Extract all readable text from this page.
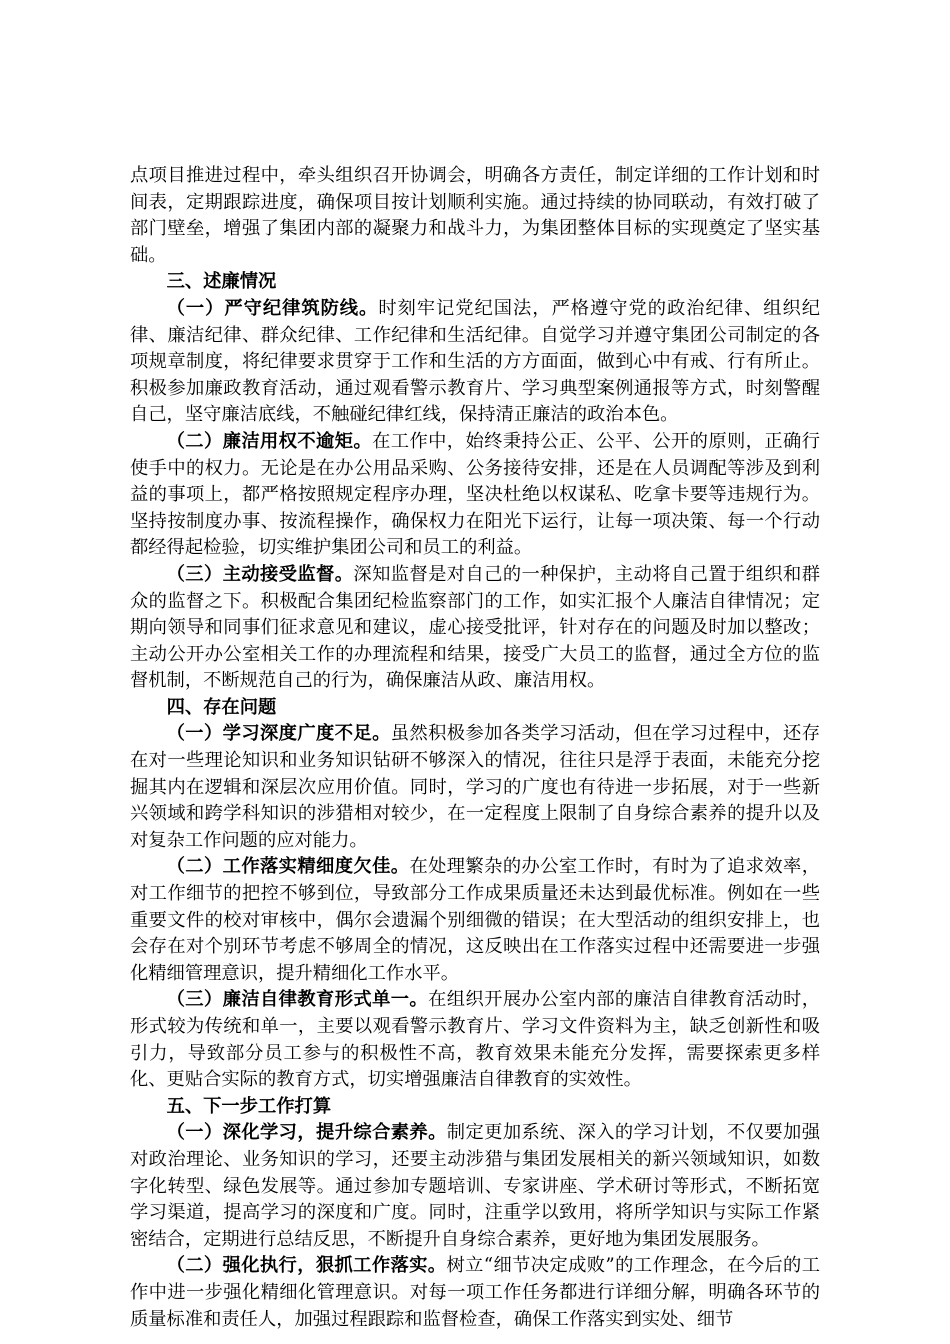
点项目推进过程中，牵头组织召开协调会，明确各方责任，制定详细的工作计划和时间表，定期跟踪进度，确保项目按计划顺利实施。通过持续的协同联动，有效打破了部门壁垒，增强了集团内部的凝聚力和战斗力，为集团整体目标的实现奠定了坚实基础。

三、述廉情况

（一）严守纪律筑防线。时刻牢记党纪国法，严格遵守党的政治纪律、组织纪律、廉洁纪律、群众纪律、工作纪律和生活纪律。自觉学习并遵守集团公司制定的各项规章制度，将纪律要求贯穿于工作和生活的方方面面，做到心中有戒、行有所止。积极参加廉政教育活动，通过观看警示教育片、学习典型案例通报等方式，时刻警醒自己，坚守廉洁底线，不触碰纪律红线，保持清正廉洁的政治本色。

（二）廉洁用权不逾矩。在工作中，始终秉持公正、公平、公开的原则，正确行使手中的权力。无论是在办公用品采购、公务接待安排，还是在人员调配等涉及到利益的事项上，都严格按照规定程序办理，坚决杜绝以权谋私、吃拿卡要等违规行为。坚持按制度办事、按流程操作，确保权力在阳光下运行，让每一项决策、每一个行动都经得起检验，切实维护集团公司和员工的利益。

（三）主动接受监督。深知监督是对自己的一种保护，主动将自己置于组织和群众的监督之下。积极配合集团纪检监察部门的工作，如实汇报个人廉洁自律情况；定期向领导和同事们征求意见和建议，虚心接受批评，针对存在的问题及时加以整改；主动公开办公室相关工作的办理流程和结果，接受广大员工的监督，通过全方位的监督机制，不断规范自己的行为，确保廉洁从政、廉洁用权。

四、存在问题

（一）学习深度广度不足。虽然积极参加各类学习活动，但在学习过程中，还存在对一些理论知识和业务知识钻研不够深入的情况，往往只是浮于表面，未能充分挖掘其内在逻辑和深层次应用价值。同时，学习的广度也有待进一步拓展，对于一些新兴领域和跨学科知识的涉猎相对较少，在一定程度上限制了自身综合素养的提升以及对复杂工作问题的应对能力。

（二）工作落实精细度欠佳。在处理繁杂的办公室工作时，有时为了追求效率，对工作细节的把控不够到位，导致部分工作成果质量还未达到最优标准。例如在一些重要文件的校对审核中，偶尔会遗漏个别细微的错误；在大型活动的组织安排上，也会存在对个别环节考虑不够周全的情况，这反映出在工作落实过程中还需要进一步强化精细管理意识，提升精细化工作水平。

（三）廉洁自律教育形式单一。在组织开展办公室内部的廉洁自律教育活动时，形式较为传统和单一，主要以观看警示教育片、学习文件资料为主，缺乏创新性和吸引力，导致部分员工参与的积极性不高，教育效果未能充分发挥，需要探索更多样化、更贴合实际的教育方式，切实增强廉洁自律教育的实效性。

五、下一步工作打算

（一）深化学习，提升综合素养。制定更加系统、深入的学习计划，不仅要加强对政治理论、业务知识的学习，还要主动涉猎与集团发展相关的新兴领域知识，如数字化转型、绿色发展等。通过参加专题培训、专家讲座、学术研讨等形式，不断拓宽学习渠道，提高学习的深度和广度。同时，注重学以致用，将所学知识与实际工作紧密结合，定期进行总结反思，不断提升自身综合素养，更好地为集团发展服务。

（二）强化执行，狠抓工作落实。树立“细节决定成败”的工作理念，在今后的工作中进一步强化精细化管理意识。对每一项工作任务都进行详细分解，明确各环节的质量标准和责任人，加强过程跟踪和监督检查，确保工作落实到实处、细节
